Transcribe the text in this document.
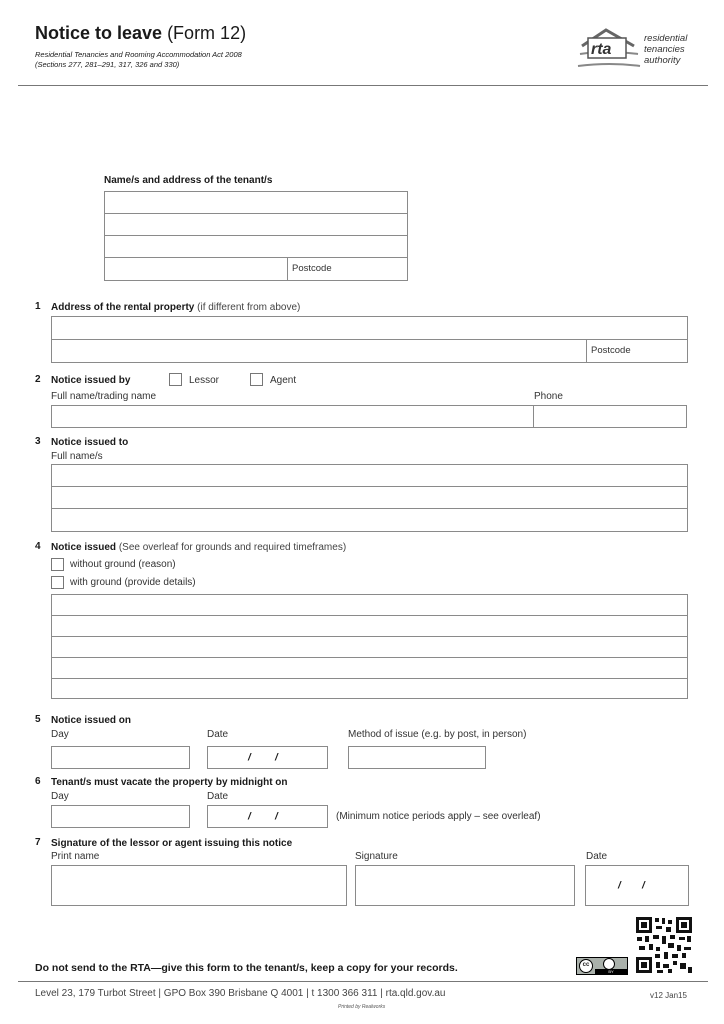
Notice to leave (Form 12)
Residential Tenancies and Rooming Accommodation Act 2008
(Sections 277, 281–291, 317, 326 and 330)
rta
residential
tenancies
authority
Name/s and address of the tenant/s
Postcode
1 Address of the rental property (if different from above)
Postcode
2 Notice issued by	Lessor	Agent
Full name/trading name	Phone
3 Notice issued to
Full name/s
4 Notice issued (See overleaf for grounds and required timeframes)
without ground (reason)
with ground (provide details)
5 Notice issued on
Day	Date	Method of issue (e.g. by post, in person)
/ /
6 Tenant/s must vacate the property by midnight on
Day	Date
/ /	(Minimum notice periods apply – see overleaf)
7 Signature of the lessor or agent issuing this notice
Print name	Signature	Date
/ /
cc
BY
Do not send to the RTA—give this form to the tenant/s, keep a copy for your records.
Level 23, 179 Turbot Street | GPO Box 390 Brisbane Q 4001 | t 1300 366 311 | rta.qld.gov.au	v12 Jan15
Printed by Realworks
